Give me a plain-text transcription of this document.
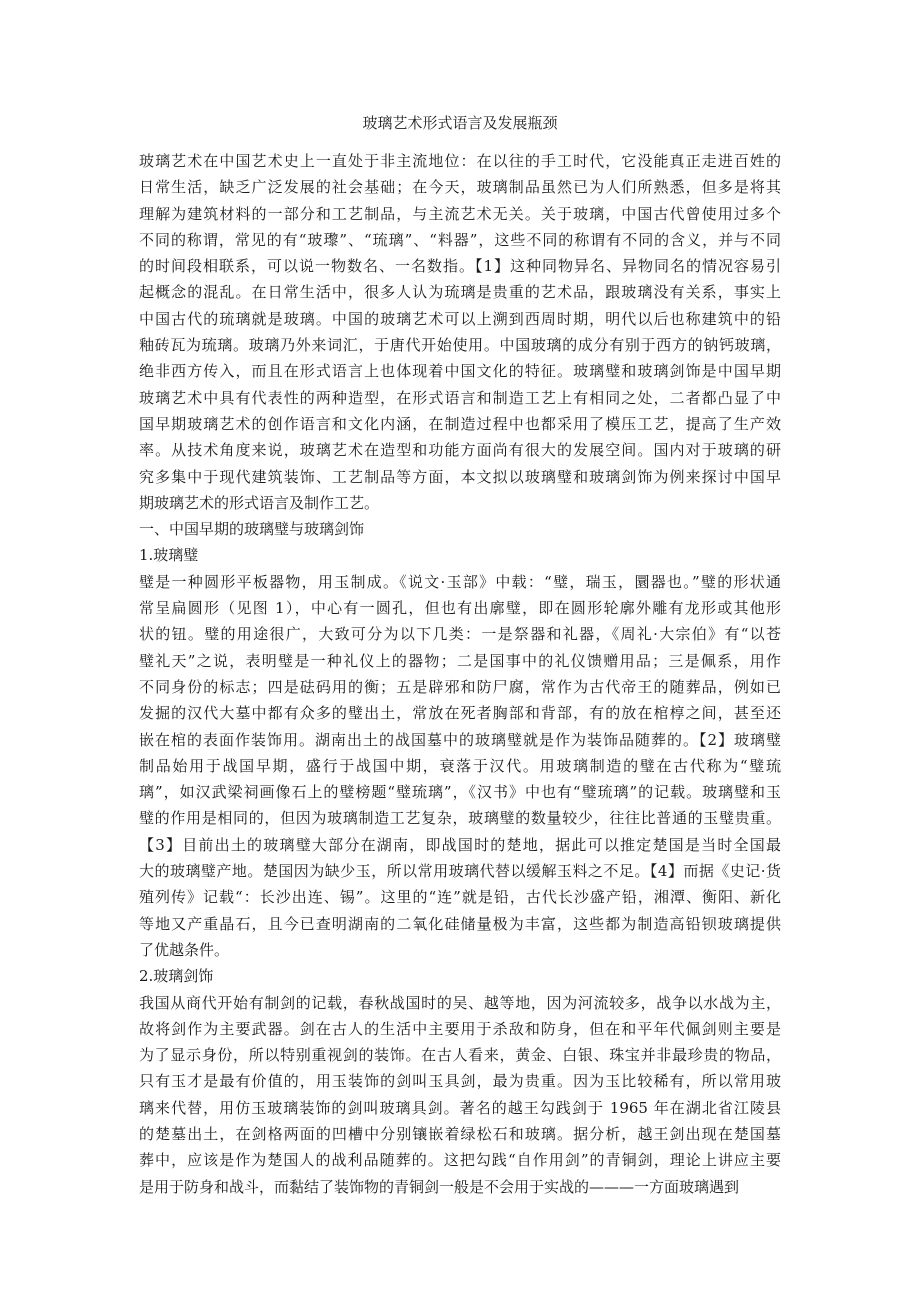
玻璃艺术形式语言及发展瓶颈
玻璃艺术在中国艺术史上一直处于非主流地位：在以往的手工时代，它没能真正走进百姓的
日常生活，缺乏广泛发展的社会基础；在今天，玻璃制品虽然已为人们所熟悉，但多是将其
理解为建筑材料的一部分和工艺制品，与主流艺术无关。关于玻璃，中国古代曾使用过多个
不同的称谓，常见的有“玻瓈”、“琉璃”、“料器”，这些不同的称谓有不同的含义，并与不同
的时间段相联系，可以说一物数名、一名数指。【1】这种同物异名、异物同名的情况容易引
起概念的混乱。在日常生活中，很多人认为琉璃是贵重的艺术品，跟玻璃没有关系，事实上
中国古代的琉璃就是玻璃。中国的玻璃艺术可以上溯到西周时期，明代以后也称建筑中的铅
釉砖瓦为琉璃。玻璃乃外来词汇，于唐代开始使用。中国玻璃的成分有别于西方的钠钙玻璃，
绝非西方传入，而且在形式语言上也体现着中国文化的特征。玻璃璧和玻璃剑饰是中国早期
玻璃艺术中具有代表性的两种造型，在形式语言和制造工艺上有相同之处，二者都凸显了中
国早期玻璃艺术的创作语言和文化内涵，在制造过程中也都采用了模压工艺，提高了生产效
率。从技术角度来说，玻璃艺术在造型和功能方面尚有很大的发展空间。国内对于玻璃的研
究多集中于现代建筑装饰、工艺制品等方面，本文拟以玻璃璧和玻璃剑饰为例来探讨中国早
期玻璃艺术的形式语言及制作工艺。
一、中国早期的玻璃璧与玻璃剑饰
1.玻璃璧
璧是一种圆形平板器物，用玉制成。《说文·玉部》中载：“璧，瑞玉，圜器也。”璧的形状通
常呈扁圆形（见图 1），中心有一圆孔，但也有出廓璧，即在圆形轮廓外雕有龙形或其他形
状的钮。璧的用途很广，大致可分为以下几类：一是祭器和礼器，《周礼·大宗伯》有“以苍
璧礼天”之说，表明璧是一种礼仪上的器物；二是国事中的礼仪馈赠用品；三是佩系，用作
不同身份的标志；四是砝码用的衡；五是辟邪和防尸腐，常作为古代帝王的随葬品，例如已
发掘的汉代大墓中都有众多的璧出土，常放在死者胸部和背部，有的放在棺椁之间，甚至还
嵌在棺的表面作装饰用。湖南出土的战国墓中的玻璃璧就是作为装饰品随葬的。【2】玻璃璧
制品始用于战国早期，盛行于战国中期，衰落于汉代。用玻璃制造的璧在古代称为“璧琉
璃”，如汉武梁祠画像石上的璧榜题“璧琉璃”，《汉书》中也有“璧琉璃”的记载。玻璃璧和玉
璧的作用是相同的，但因为玻璃制造工艺复杂，玻璃璧的数量较少，往往比普通的玉璧贵重。
【3】目前出土的玻璃璧大部分在湖南，即战国时的楚地，据此可以推定楚国是当时全国最
大的玻璃璧产地。楚国因为缺少玉，所以常用玻璃代替以缓解玉料之不足。【4】而据《史记·货
殖列传》记载“：长沙出连、锡”。这里的“连”就是铅，古代长沙盛产铅，湘潭、衡阳、新化
等地又产重晶石，且今已查明湖南的二氧化硅储量极为丰富，这些都为制造高铅钡玻璃提供
了优越条件。
2.玻璃剑饰
我国从商代开始有制剑的记载，春秋战国时的吴、越等地，因为河流较多，战争以水战为主，
故将剑作为主要武器。剑在古人的生活中主要用于杀敌和防身，但在和平年代佩剑则主要是
为了显示身份，所以特别重视剑的装饰。在古人看来，黄金、白银、珠宝并非最珍贵的物品，
只有玉才是最有价值的，用玉装饰的剑叫玉具剑，最为贵重。因为玉比较稀有，所以常用玻
璃来代替，用仿玉玻璃装饰的剑叫玻璃具剑。著名的越王勾践剑于 1965 年在湖北省江陵县
的楚墓出土，在剑格两面的凹槽中分别镶嵌着绿松石和玻璃。据分析，越王剑出现在楚国墓
葬中，应该是作为楚国人的战利品随葬的。这把勾践“自作用剑”的青铜剑，理论上讲应主要
是用于防身和战斗，而黏结了装饰物的青铜剑一般是不会用于实战的———一方面玻璃遇到
